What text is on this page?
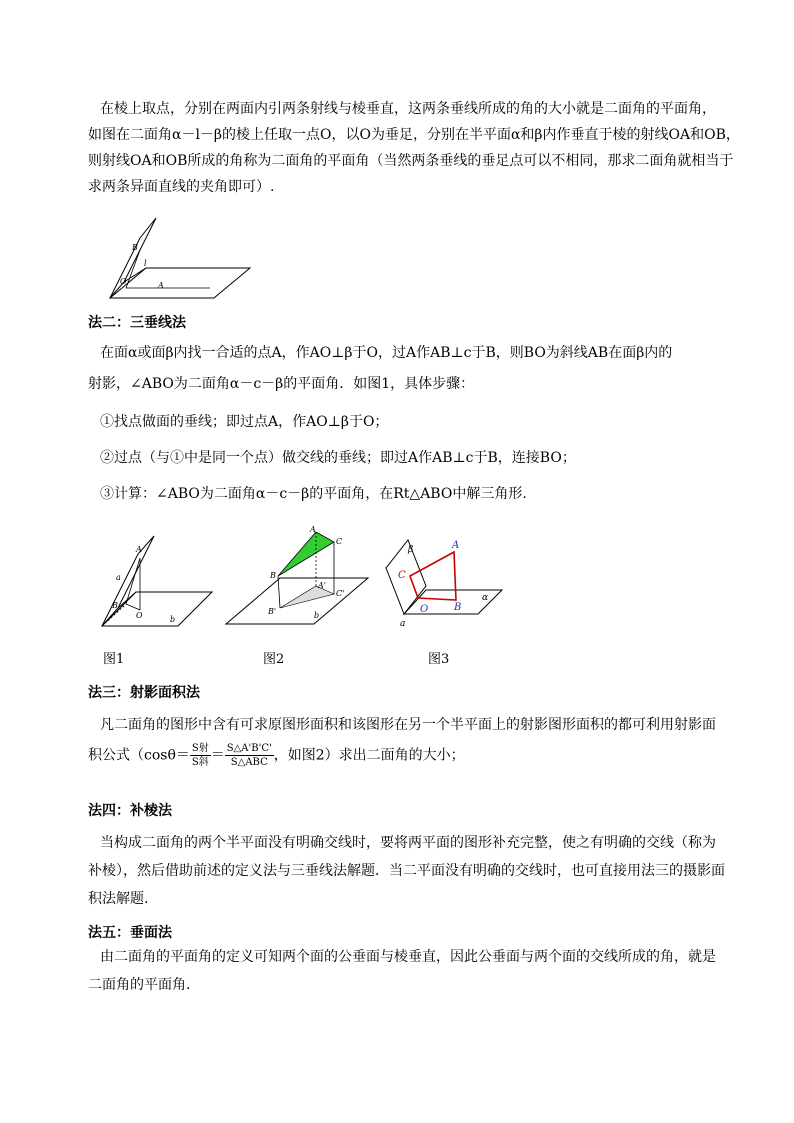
在棱上取点，分别在两面内引两条射线与棱垂直，这两条垂线所成的角的大小就是二面角的平面角，
如图在二面角α－l－β的棱上任取一点O，以O为垂足，分别在半平面α和β内作垂直于棱的射线OA和OB，
则射线OA和OB所成的角称为二面角的平面角（当然两条垂线的垂足点可以不相同，那求二面角就相当于
求两条异面直线的夹角即可）.
B
O
l
A
法二：三垂线法
在面α或面β内找一合适的点A，作AO⊥β于O，过A作AB⊥c于B，则BO为斜线AB在面β内的
射影，∠ABO为二面角α－c－β的平面角．如图1，具体步骤：
①找点做面的垂线；即过点A，作AO⊥β于O；
②过点（与①中是同一个点）做交线的垂线；即过A作AB⊥c于B，连接BO；
③计算：∠ABO为二面角α－c－β的平面角，在Rt△ABO中解三角形.
A
a
B
O	b
A
C
B
A'
C'
B'	b
β	A
C
O	B
α
a
图1	图2	图3
法三：射影面积法
凡二面角的图形中含有可求原图形面积和该图形在另一个半平面上的射影图形面积的都可利用射影面
积公式（$\cos\theta= \frac{\text{S射}}{\text{S斜}} = \frac{S\triangle A'B'C'}{\text{S△ABC}}$ ，如图2）求出二面角的大小；
法四：补棱法
当构成二面角的两个半平面没有明确交线时，要将两平面的图形补充完整，使之有明确的交线（称为
补棱），然后借助前述的定义法与三垂线法解题．当二平面没有明确的交线时，也可直接用法三的摄影面
积法解题.
法五：垂面法
由二面角的平面角的定义可知两个面的公垂面与棱垂直，因此公垂面与两个面的交线所成的角，就是
二面角的平面角.
